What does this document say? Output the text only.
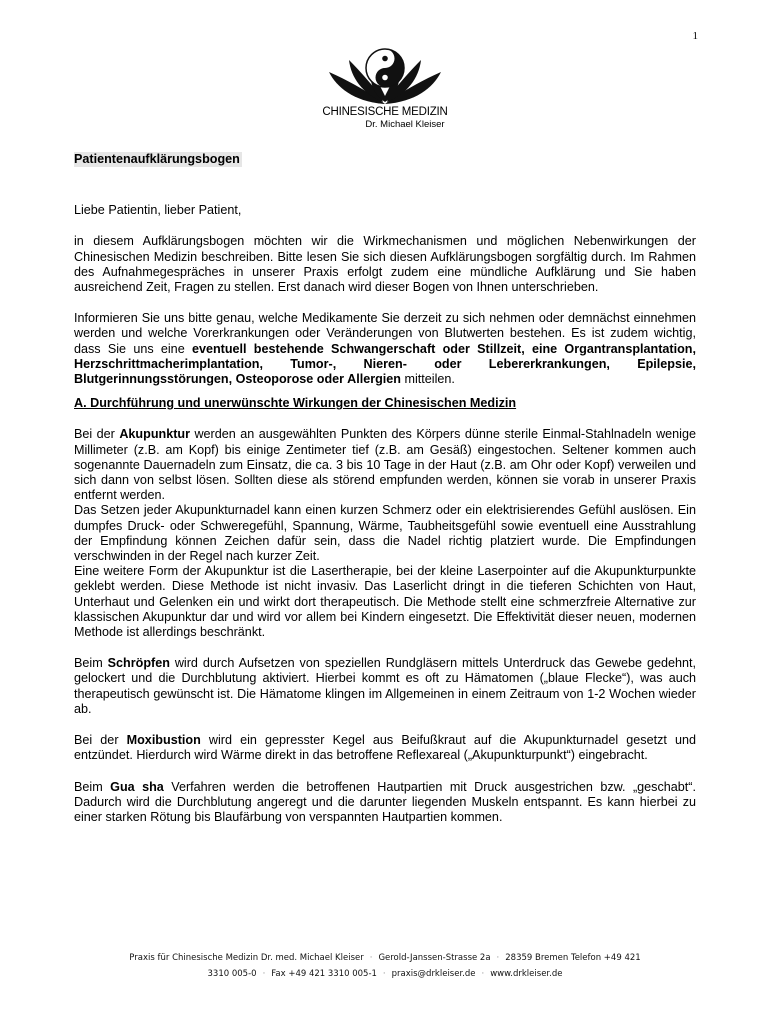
1
CHINESISCHE MEDIZIN
Dr. Michael Kleiser
Patientenaufklärungsbogen

Liebe Patientin, lieber Patient,

in diesem Aufklärungsbogen möchten wir die Wirkmechanismen und möglichen Nebenwirkungen der Chinesischen Medizin beschreiben. Bitte lesen Sie sich diesen Aufklärungsbogen sorgfältig durch. Im Rahmen des Aufnahmegespräches in unserer Praxis erfolgt zudem eine mündliche Aufklärung und Sie haben ausreichend Zeit, Fragen zu stellen. Erst danach wird dieser Bogen von Ihnen unterschrieben.

Informieren Sie uns bitte genau, welche Medikamente Sie derzeit zu sich nehmen oder demnächst einnehmen werden und welche Vorerkrankungen oder Veränderungen von Blutwerten bestehen. Es ist zudem wichtig, dass Sie uns eine eventuell bestehende Schwangerschaft oder Stillzeit, eine Organtransplantation, Herzschrittmacherimplantation, Tumor-, Nieren- oder Lebererkrankungen, Epilepsie, Blutgerinnungsstörungen, Osteoporose oder Allergien mitteilen.

A. Durchführung und unerwünschte Wirkungen der Chinesischen Medizin

Bei der Akupunktur werden an ausgewählten Punkten des Körpers dünne sterile Einmal-Stahlnadeln wenige Millimeter (z.B. am Kopf) bis einige Zentimeter tief (z.B. am Gesäß) eingestochen. Seltener kommen auch sogenannte Dauernadeln zum Einsatz, die ca. 3 bis 10 Tage in der Haut (z.B. am Ohr oder Kopf) verweilen und sich dann von selbst lösen. Sollten diese als störend empfunden werden, können sie vorab in unserer Praxis entfernt werden.

Das Setzen jeder Akupunkturnadel kann einen kurzen Schmerz oder ein elektrisierendes Gefühl auslösen. Ein dumpfes Druck- oder Schweregefühl, Spannung, Wärme, Taubheitsgefühl sowie eventuell eine Ausstrahlung der Empfindung können Zeichen dafür sein, dass die Nadel richtig platziert wurde. Die Empfindungen verschwinden in der Regel nach kurzer Zeit.

Eine weitere Form der Akupunktur ist die Lasertherapie, bei der kleine Laserpointer auf die Akupunkturpunkte geklebt werden. Diese Methode ist nicht invasiv. Das Laserlicht dringt in die tieferen Schichten von Haut, Unterhaut und Gelenken ein und wirkt dort therapeutisch. Die Methode stellt eine schmerzfreie Alternative zur klassischen Akupunktur dar und wird vor allem bei Kindern eingesetzt. Die Effektivität dieser neuen, modernen Methode ist allerdings beschränkt.

Beim Schröpfen wird durch Aufsetzen von speziellen Rundgläsern mittels Unterdruck das Gewebe gedehnt, gelockert und die Durchblutung aktiviert. Hierbei kommt es oft zu Hämatomen („blaue Flecke“), was auch therapeutisch gewünscht ist. Die Hämatome klingen im Allgemeinen in einem Zeitraum von 1-2 Wochen wieder ab.

Bei der Moxibustion wird ein gepresster Kegel aus Beifußkraut auf die Akupunkturnadel gesetzt und entzündet. Hierdurch wird Wärme direkt in das betroffene Reflexareal („Akupunkturpunkt“) eingebracht.

Beim Gua sha Verfahren werden die betroffenen Hautpartien mit Druck ausgestrichen bzw. „geschabt“. Dadurch wird die Durchblutung angeregt und die darunter liegenden Muskeln entspannt. Es kann hierbei zu einer starken Rötung bis Blaufärbung von verspannten Hautpartien kommen.

Praxis für Chinesische Medizin Dr. med. Michael Kleiser · Gerold-Janssen-Strasse 2a · 28359 Bremen Telefon +49 421
3310 005-0 · Fax +49 421 3310 005-1 · praxis@drkleiser.de · www.drkleiser.de
